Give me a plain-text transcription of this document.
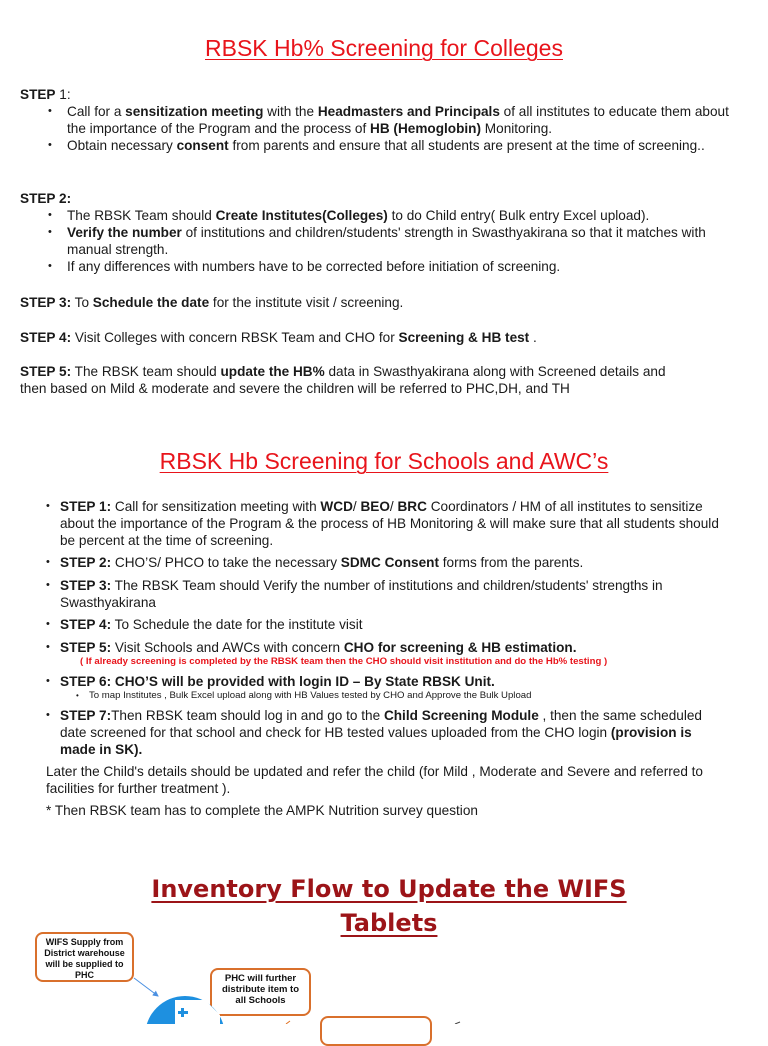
RBSK Hb% Screening for Colleges
STEP 1:
• Call for a sensitization meeting with the Headmasters and Principals of all institutes to educate them about the importance of the Program and the process of HB (Hemoglobin) Monitoring.
• Obtain necessary consent from parents and ensure that all students are present at the time of screening..
STEP 2:
• The RBSK Team should Create Institutes(Colleges) to do Child entry( Bulk entry Excel upload).
• Verify the number of institutions and children/students' strength in Swasthyakirana so that it matches with manual strength.
• If any differences with numbers have to be corrected before initiation of screening.
STEP 3: To Schedule the date for the institute visit / screening.
STEP 4: Visit Colleges with concern RBSK Team and CHO for Screening & HB test .
STEP 5: The RBSK team should update the HB% data in Swasthyakirana along with Screened details and
then based on Mild & moderate and severe the children will be referred to PHC,DH, and TH
RBSK Hb Screening for Schools and AWC’s
• STEP 1: Call for sensitization meeting with WCD/ BEO/ BRC Coordinators / HM of all institutes to sensitize about the importance of the Program & the process of HB Monitoring & will make sure that all students should be percent at the time of screening.
• STEP 2: CHO’S/ PHCO to take the necessary SDMC Consent forms from the parents.
• STEP 3: The RBSK Team should Verify the number of institutions and children/students' strengths in Swasthyakirana
• STEP 4: To Schedule the date for the institute visit
• STEP 5: Visit Schools and AWCs with concern CHO for screening & HB estimation.
( If already screening is completed by the RBSK team then the CHO should visit institution and do the Hb% testing )
• STEP 6: CHO’S will be provided with login ID – By State RBSK Unit.
• To map Institutes , Bulk Excel upload along with HB Values tested by CHO and Approve the Bulk Upload
• STEP 7:Then RBSK team should log in and go to the Child Screening Module , then the same scheduled date screened for that school and check for HB tested values uploaded from the CHO login (provision is made in SK).
Later the Child's details should be updated and refer the child (for Mild , Moderate and Severe and referred to facilities for further treatment ).
* Then RBSK team has to complete the AMPK Nutrition survey question
Inventory Flow to Update the WIFS
Tablets
WIFS Supply from District warehouse will be supplied to PHC	PHC will further distribute item to all Schools
